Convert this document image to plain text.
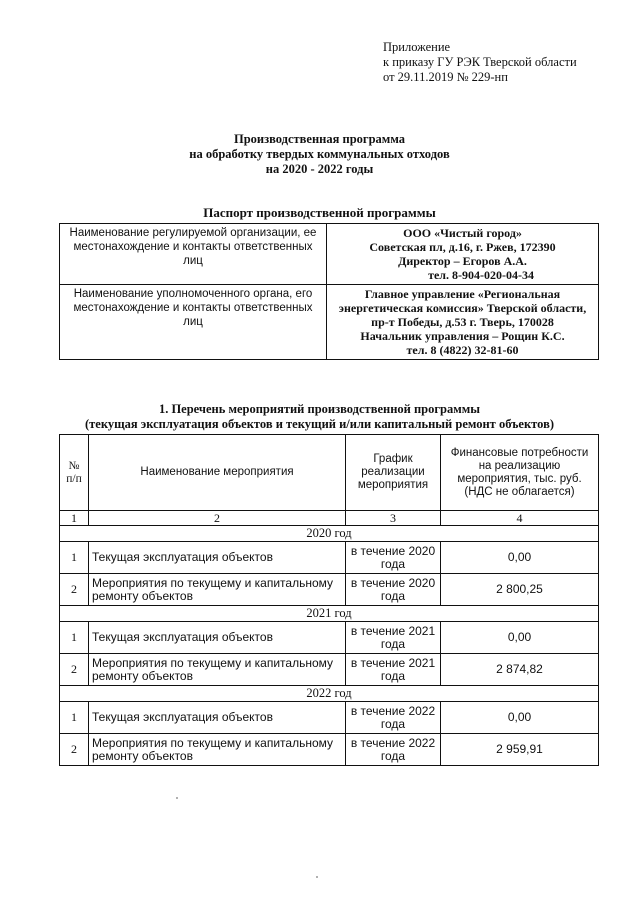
Приложение
к приказу ГУ РЭК Тверской области
от 29.11.2019 № 229-нп
Производственная программа
на обработку твердых коммунальных отходов
на 2020 - 2022 годы
Паспорт производственной программы
Наименование регулируемой организации, ее местонахождение и контакты ответственных лиц	ООО «Чистый город»
Советская пл, д.16, г. Ржев, 172390
Директор – Егоров А.А.
тел. 8-904-020-04-34

Наименование уполномоченного органа, его местонахождение и контакты ответственных лиц	Главное управление «Региональная энергетическая комиссия» Тверской области,
пр-т Победы, д.53 г. Тверь, 170028
Начальник управления – Рощин К.С.
тел. 8 (4822) 32-81-60
1. Перечень мероприятий производственной программы
(текущая эксплуатация объектов и текущий и/или капитальный ремонт объектов)
№ п/п	Наименование мероприятия	График реализации мероприятия	Финансовые потребности на реализацию мероприятия, тыс. руб. (НДС не облагается)
1	2	3	4
2020 год			
1	Текущая эксплуатация объектов	в течение 2020 года	0,00
2	Мероприятия по текущему и капитальному ремонту объектов	в течение 2020 года	2 800,25
2021 год			
1	Текущая эксплуатация объектов	в течение 2021 года	0,00
2	Мероприятия по текущему и капитальному ремонту объектов	в течение 2021 года	2 874,82
2022 год			
1	Текущая эксплуатация объектов	в течение 2022 года	0,00
2	Мероприятия по текущему и капитальному ремонту объектов	в течение 2022 года	2 959,91
